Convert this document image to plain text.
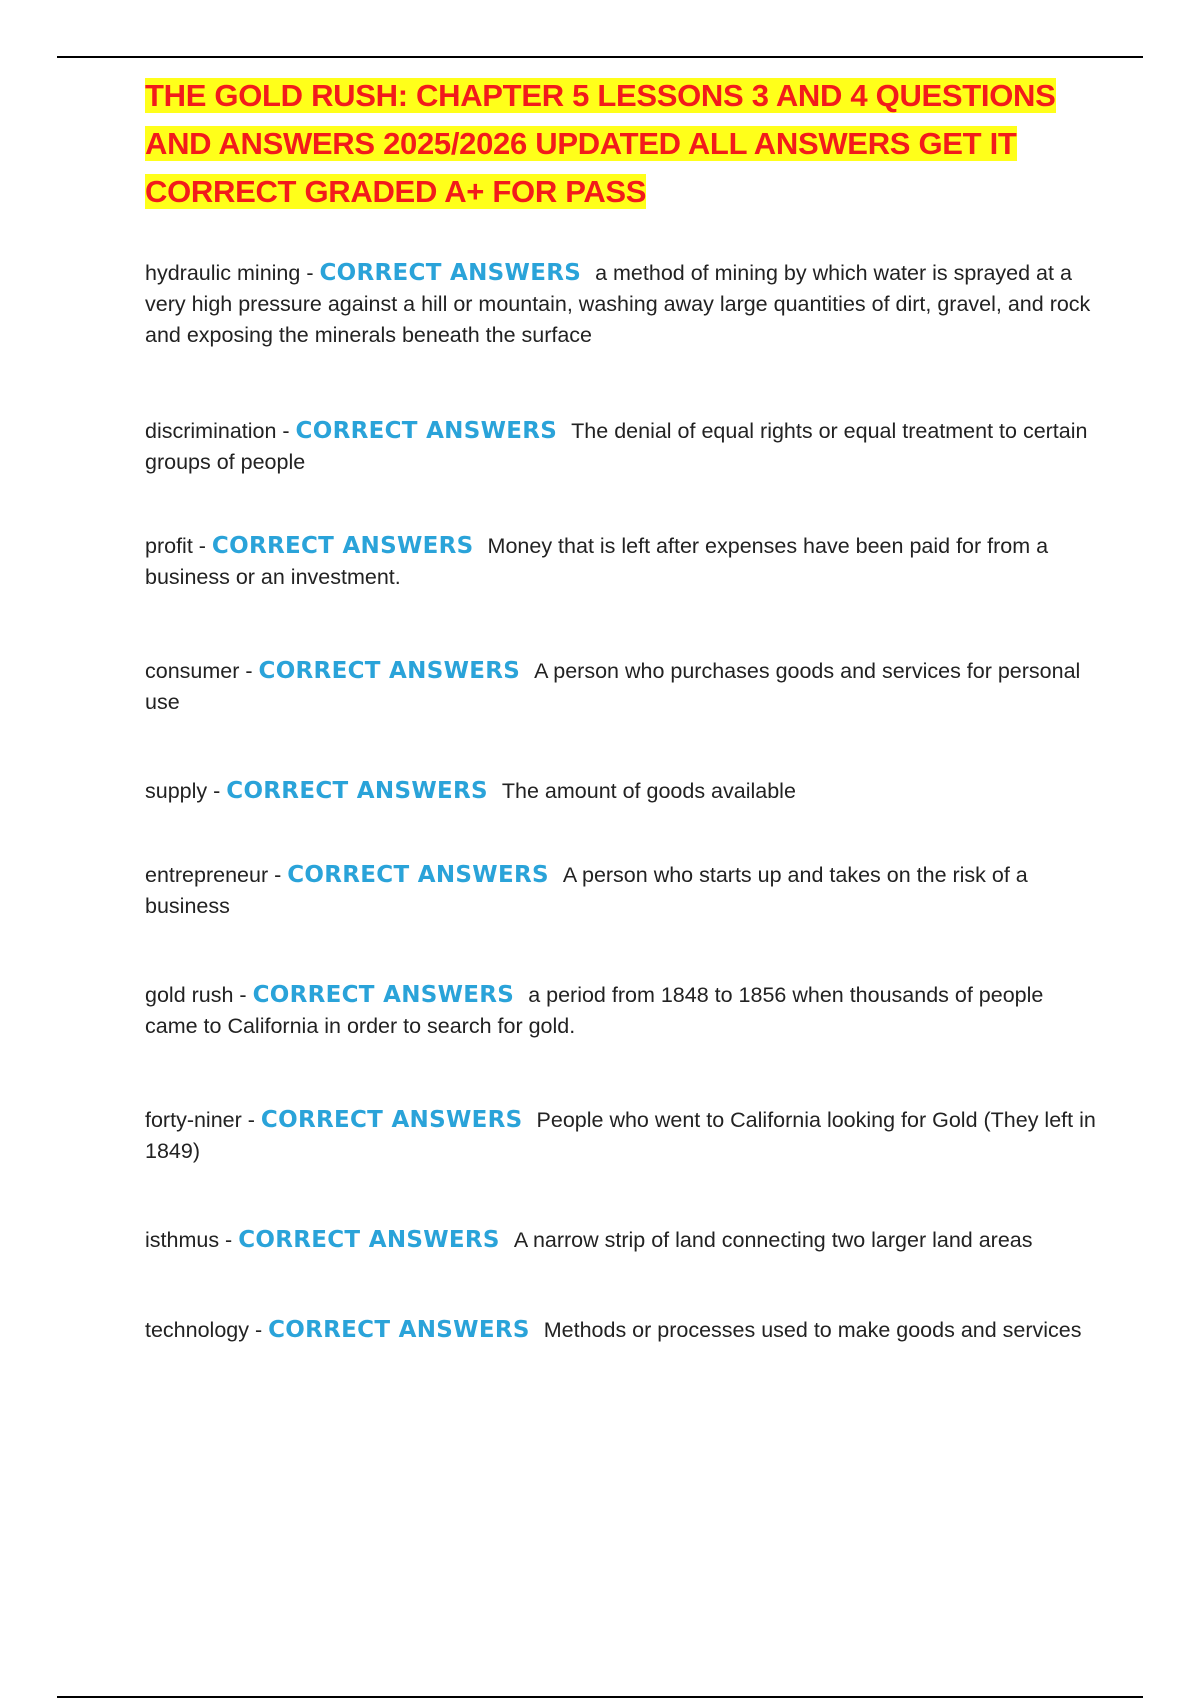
THE GOLD RUSH: CHAPTER 5 LESSONS 3 AND 4 QUESTIONS AND ANSWERS 2025/2026 UPDATED ALL ANSWERS GET IT CORRECT GRADED A+ FOR PASS

hydraulic mining - CORRECT ANSWERS a method of mining by which water is sprayed at a very high pressure against a hill or mountain, washing away large quantities of dirt, gravel, and rock and exposing the minerals beneath the surface

discrimination - CORRECT ANSWERS The denial of equal rights or equal treatment to certain groups of people

profit - CORRECT ANSWERS Money that is left after expenses have been paid for from a business or an investment.

consumer - CORRECT ANSWERS A person who purchases goods and services for personal use

supply - CORRECT ANSWERS The amount of goods available

entrepreneur - CORRECT ANSWERS A person who starts up and takes on the risk of a business

gold rush - CORRECT ANSWERS a period from 1848 to 1856 when thousands of people came to California in order to search for gold.

forty-niner - CORRECT ANSWERS People who went to California looking for Gold (They left in 1849)

isthmus - CORRECT ANSWERS A narrow strip of land connecting two larger land areas

technology - CORRECT ANSWERS Methods or processes used to make goods and services
